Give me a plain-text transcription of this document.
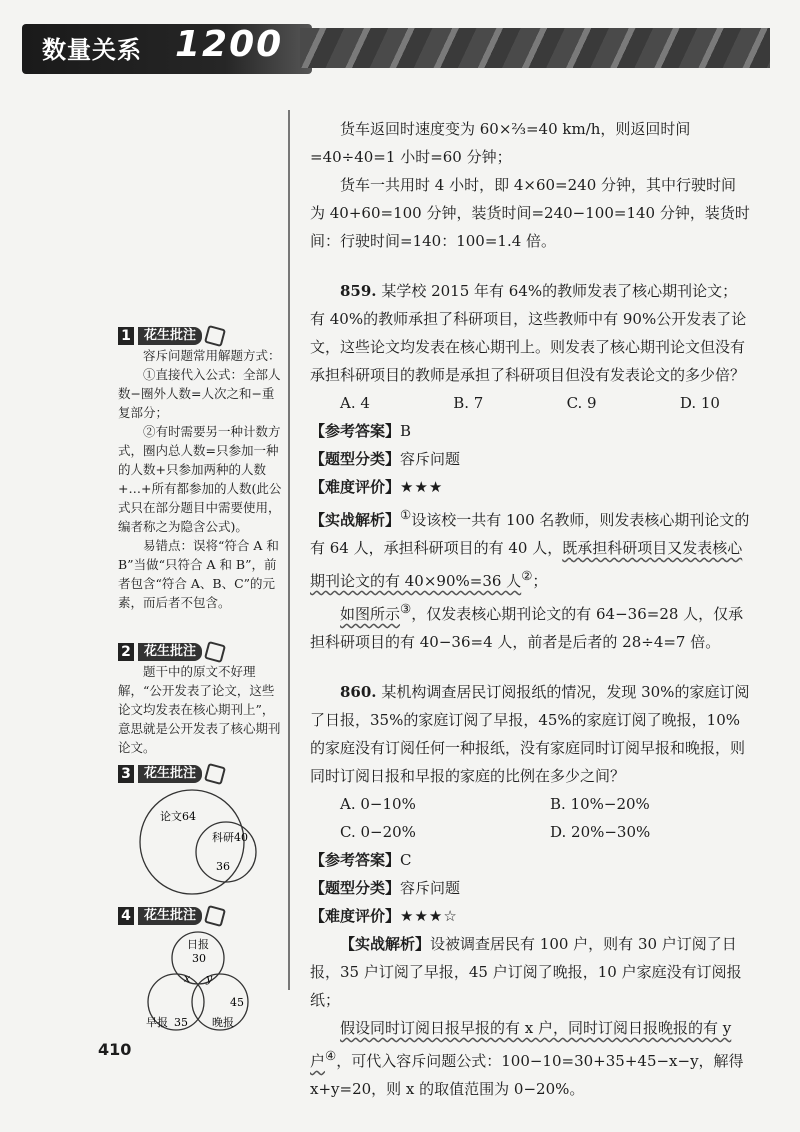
数量关系 1200

货车返回时速度变为 60×⅔=40 km/h，则返回时间=40÷40=1 小时=60 分钟；

货车一共用时 4 小时，即 4×60=240 分钟，其中行驶时间为 40+60=100 分钟，装货时间=240−100=140 分钟，装货时间：行驶时间=140：100=1.4 倍。

859. 某学校 2015 年有 64%的教师发表了核心期刊论文；有 40%的教师承担了科研项目，这些教师中有 90%公开发表了论文，这些论文均发表在核心期刊上。则发表了核心期刊论文但没有承担科研项目的教师是承担了科研项目但没有发表论文的多少倍？

A. 4	B. 7	C. 9	D. 10

【参考答案】B

【题型分类】容斥问题

【难度评价】★★★

【实战解析】①设该校一共有 100 名教师，则发表核心期刊论文的有 64 人，承担科研项目的有 40 人，既承担科研项目又发表核心期刊论文的有 40×90%=36 人②；

如图所示③，仅发表核心期刊论文的有 64−36=28 人，仅承担科研项目的有 40−36=4 人，前者是后者的 28÷4=7 倍。

860. 某机构调查居民订阅报纸的情况，发现 30%的家庭订阅了日报，35%的家庭订阅了早报，45%的家庭订阅了晚报，10%的家庭没有订阅任何一种报纸，没有家庭同时订阅早报和晚报，则同时订阅日报和早报的家庭的比例在多少之间？

A. 0−10%	B. 10%−20%
C. 0−20%	D. 20%−30%

【参考答案】C

【题型分类】容斥问题

【难度评价】★★★☆

【实战解析】设被调查居民有 100 户，则有 30 户订阅了日报，35 户订阅了早报，45 户订阅了晚报，10 户家庭没有订阅报纸；

假设同时订阅日报早报的有 x 户，同时订阅日报晚报的有 y 户④，可代入容斥问题公式：100−10=30+35+45−x−y，解得 x+y=20，则 x 的取值范围为 0−20%。

1	花生批注

容斥问题常用解题方式：

①直接代入公式：全部人数−圈外人数=人次之和−重复部分；

②有时需要另一种计数方式，圈内总人数=只参加一种的人数+只参加两种的人数+…+所有都参加的人数(此公式只在部分题目中需要使用，编者称之为隐含公式)。

易错点：误将“符合 A 和 B”当做“只符合 A 和 B”，前者包含“符合 A、B、C”的元素，而后者不包含。

2	花生批注

题干中的原文不好理解，“公开发表了论文，这些论文均发表在核心期刊上”，意思就是公开发表了核心期刊论文。

3	花生批注
论文64
科研40
36
4	花生批注
日报
30
x y
早报 35
45
晚报
410
